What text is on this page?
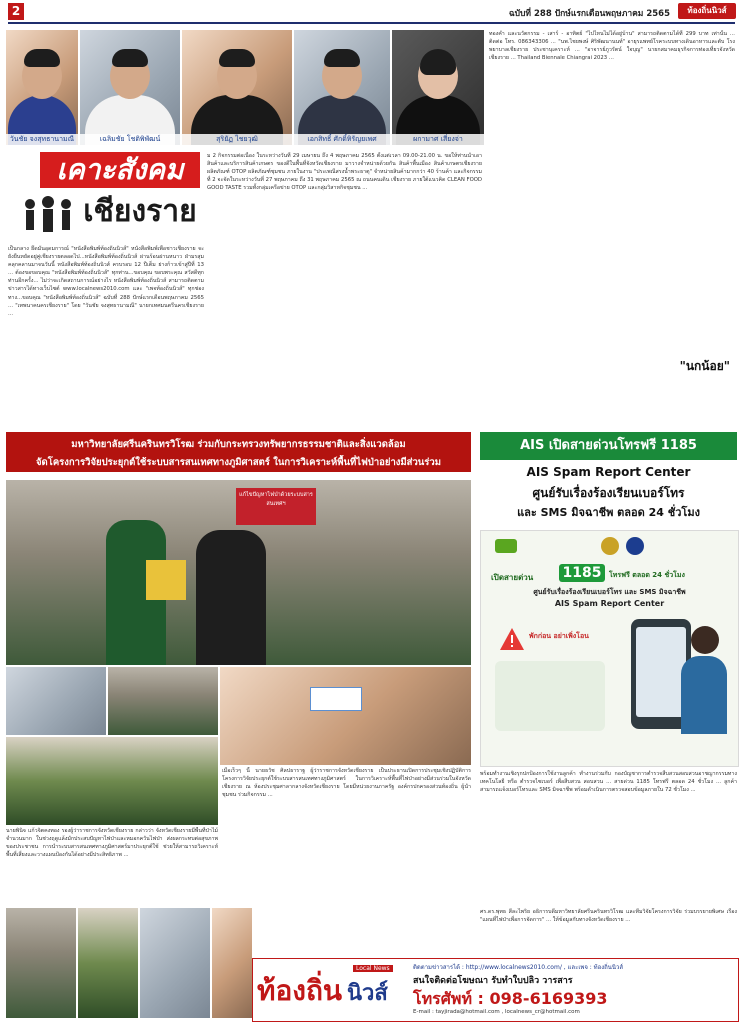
2	ฉบับที่ 288 ปักษ์แรกเดือนพฤษภาคม 2565	ท้องถิ่นนิวส์
วันชัย จงสุทธานามณี	เฉลิมชัย โชติพิพัฒน์	สุริยัฏ ไชยวุฒิ	เอกสิทธิ์ ศักดิ์หิรัญยเพศ	ผกามาศ เสี่ยงจ่า
เคาะสังคม
เชียงราย
เป็นกลาง ยึดมั่นอุดมการณ์ "หนังสือพิมพ์ท้องถิ่นนิวส์" หนังสือพิมพ์เพื่อชาวเชียงราย จะยังยืนหยัดอยู่คู่เชียงรายตลอดไป...หนังสือพิมพ์ท้องถิ่นนิวส์ ผ่านร้อนผ่านหนาว ฝ่ามรสุมคลุกคลานมาจนวันนี้ หนังสือพิมพ์ท้องถิ่นนิวส์ ครบรอบ 12 ปีเต็ม ย่างก้าวเข้าสู่ปีที่ 13 ... ต้องขอขอบคุณ "หนังสือพิมพ์ท้องถิ่นนิวส์" ทุกท่าน...ขอบคุณ ขอบพระคุณ สวัสดีทุกท่านอีกครั้ง... ไม่ว่าจะเกิดสถานการณ์อย่างไร หนังสือพิมพ์ท้องถิ่นนิวส์ สามารถติดตามข่าวสารได้ทางเว็บไซต์ www.localnews2010.com และ "เพจท้องถิ่นนิวส์" ทุกช่องทาง...ขอบคุณ "หนังสือพิมพ์ท้องถิ่นนิวส์" ฉบับที่ 288 ปักษ์แรกเดือนพฤษภาคม 2565 ... "เทพนาคนครเชียงราย" โดย "วันชัย จงสุทธานามณี" นายกเทศมนตรีนครเชียงราย ...
ม 2 กิจกรรมต่อเนื่อง ในระหว่างวันที่ 29 เมษายน ถึง 4 พฤษภาคม 2565 ตั้งแต่เวลา 09.00-21.00 น. ขอให้ท่านนำเอาสินค้าและบริการสินค้าเกษตร ของดีในพื้นที่จังหวัดเชียงราย มาวางจำหน่ายด้วยกัน สินค้าพื้นเมือง สินค้าเกษตรเชียงราย ผลิตภัณฑ์ OTOP ผลิตภัณฑ์ชุมชน ภายในงาน "ประเพณีสรงน้ำพระธาตุ" จำหน่ายสินค้ามากกว่า 40 ร้านค้า และกิจกรรมที่ 2 จะจัดในระหว่างวันที่ 27 พฤษภาคม ถึง 31 พฤษภาคม 2565 ณ ถนนคนเดิน เชียงราย ภายใต้แนวคิด CLEAN FOOD GOOD TASTE รวมทั้งกลุ่มเครือข่าย OTOP และกลุ่มวิสาหกิจชุมชน ...
ทองคำ และนวัตกรรม - เสาร์ - อาทิตย์ "ไปไหนไม่ได้อยู่บ้าน" สามารถติดตามได้ที่ 299 บาท เท่านั้น ... ติดต่อ โทร. 086343306 ... "นพ.ไชยพงษ์ ศิริพัฒนานนท์" อายุรแพทย์โรคระบบทางเดินอาหารและตับ โรงพยาบาลเชียงราย ประชานุเคราะห์ ... "อาจารย์ภูวรัตน์ ใจบุญ" นายกสมาคมธุรกิจการท่องเที่ยวจังหวัดเชียงราย ... Thailand Biennale Chiangrai 2023 ...
"นกน้อย"
มหาวิทยาลัยศรีนครินทรวิโรฒ ร่วมกับกระทรวงทรัพยากรธรรมชาติและสิ่งแวดล้อม
จัดโครงการวิจัยประยุกต์ใช้ระบบสารสนเทศทางภูมิศาสตร์ ในการวิเคราะห์พื้นที่ไฟป่าอย่างมีส่วนร่วม
แก้ไขปัญหาไฟป่าด้วยระบบสารสนเทศฯ
เมื่อเร็วๆ นี้ นายธวัช ศิลปธาราฐ ผู้ว่าราชการจังหวัดเชียงราย เป็นประธานเปิดการประชุมเชิงปฏิบัติการ โครงการวิจัยประยุกต์ใช้ระบบสารสนเทศทางภูมิศาสตร์ ในการวิเคราะห์พื้นที่ไฟป่าอย่างมีส่วนร่วมในจังหวัดเชียงราย ณ ห้องประชุมศาลากลางจังหวัดเชียงราย โดยมีหน่วยงานภาครัฐ องค์กรปกครองส่วนท้องถิ่น ผู้นำชุมชน ร่วมกิจกรรม ...
นายพินิจ แก้วจิตคงทอง รองผู้ว่าราชการจังหวัดเชียงราย กล่าวว่า จังหวัดเชียงรายมีพื้นที่ป่าไม้จำนวนมาก ในช่วงฤดูแล้งมักประสบปัญหาไฟป่าและหมอกควันไฟป่า ส่งผลกระทบต่อสุขภาพของประชาชน การนำระบบสารสนเทศทางภูมิศาสตร์มาประยุกต์ใช้ ช่วยให้สามารถวิเคราะห์พื้นที่เสี่ยงและวางแผนป้องกันได้อย่างมีประสิทธิภาพ ...
ศร.ดร.พุทธ สีละไพริย อธิการบดีมหาวิทยาลัยศรีนครินทรวิโรฒ และทีมวิจัยโครงการวิจัย ร่วมบรรยายพิเศษ เรื่อง "แผนที่ไฟป่าเพื่อการจัดการ" ... ให้ข้อมูลกับทางจังหวัดเชียงราย ...
AIS เปิดสายด่วนโทรฟรี 1185
AIS Spam Report Center
ศูนย์รับเรื่องร้องเรียนเบอร์โทร
และ SMS มิจฉาชีพ ตลอด 24 ชั่วโมง
เปิดสายด่วน	1185	โทรฟรี ตลอด 24 ชั่วโมง
ศูนย์รับเรื่องร้องเรียนเบอร์โทร และ SMS มิจฉาชีพ
AIS Spam Report Center
พักก่อน อย่าเพิ่งโอน
พร้อมทำงานเชิงรุกปกป้องการใช้งานลูกค้า ทำงานร่วมกับ กองบัญชาการตำรวจสืบสวนสอบสวนอาชญากรรมทางเทคโนโลยี หรือ ตำรวจไซเบอร์ เพื่อสืบสวน สอบสวน ... สายด่วน 1185 โทรฟรี ตลอด 24 ชั่วโมง ... ลูกค้าสามารถแจ้งเบอร์โทรและ SMS มิจฉาชีพ พร้อมดำเนินการตรวจสอบข้อมูลภายใน 72 ชั่วโมง ...
ท้องถิ่น นิวส์
Local News	ติดตามข่าวสารได้ : http://www.localnews2010.com/ , และเพจ : ท้องถิ่นนิวส์
สนใจติดต่อโฆษณา รับทำใบปลิว วารสาร
โทรศัพท์ : 098-6169393
E-mail : tayjirada@hotmail.com , localnews_cr@hotmail.com
